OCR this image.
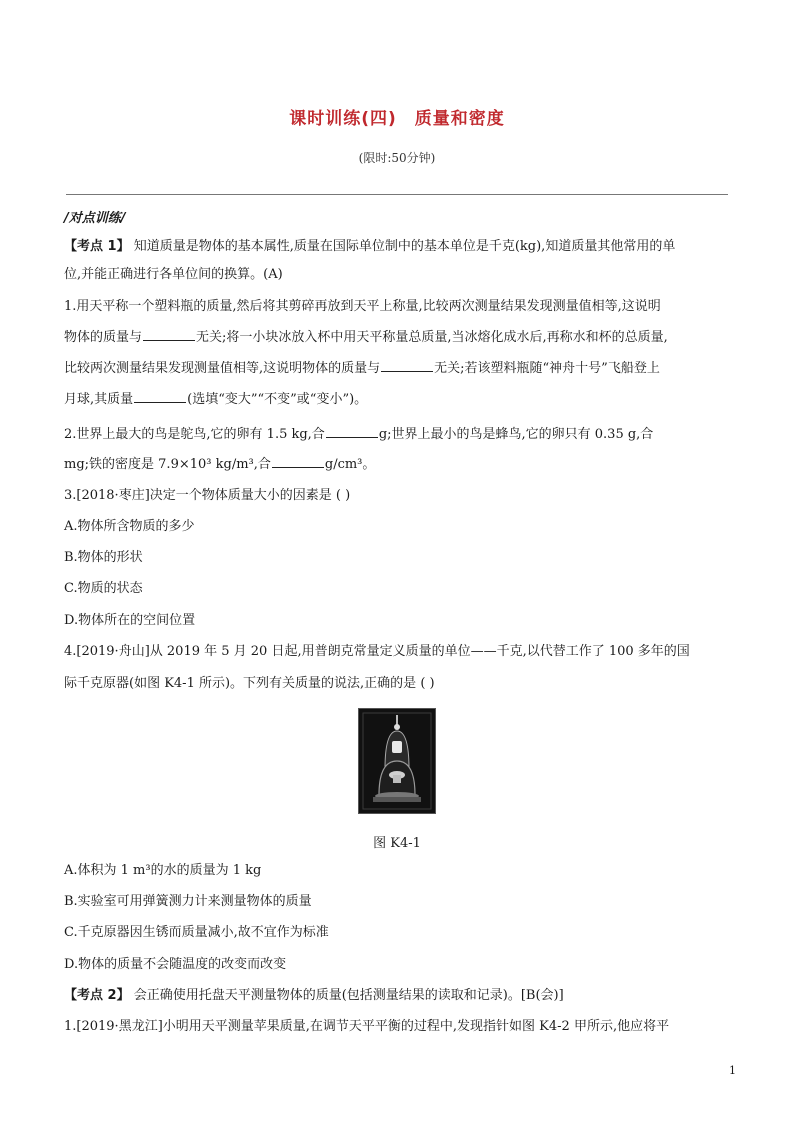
课时训练(四) 质量和密度
(限时:50分钟)
/对点训练/
【考点 1】 知道质量是物体的基本属性,质量在国际单位制中的基本单位是千克(kg),知道质量其他常用的单
位,并能正确进行各单位间的换算。(A)
1.用天平称一个塑料瓶的质量,然后将其剪碎再放到天平上称量,比较两次测量结果发现测量值相等,这说明
物体的质量与	无关;将一小块冰放入杯中用天平称量总质量,当冰熔化成水后,再称水和杯的总质量,
比较两次测量结果发现测量值相等,这说明物体的质量与	无关;若该塑料瓶随“神舟十号”飞船登上
月球,其质量	(选填“变大”“不变”或“变小”)。
2.世界上最大的鸟是鸵鸟,它的卵有 1.5 kg,合	g;世界上最小的鸟是蜂鸟,它的卵只有 0.35 g,合
mg;铁的密度是 7.9×10³ kg/m³,合	g/cm³。
3.[2018·枣庄]决定一个物体质量大小的因素是 ( )
A.物体所含物质的多少
B.物体的形状
C.物质的状态
D.物体所在的空间位置
4.[2019·舟山]从 2019 年 5 月 20 日起,用普朗克常量定义质量的单位——千克,以代替工作了 100 多年的国
际千克原器(如图 K4-1 所示)。下列有关质量的说法,正确的是 ( )
图 K4-1
A.体积为 1 m³的水的质量为 1 kg
B.实验室可用弹簧测力计来测量物体的质量
C.千克原器因生锈而质量减小,故不宜作为标准
D.物体的质量不会随温度的改变而改变
【考点 2】 会正确使用托盘天平测量物体的质量(包括测量结果的读取和记录)。[B(会)]
1.[2019·黑龙江]小明用天平测量苹果质量,在调节天平平衡的过程中,发现指针如图 K4-2 甲所示,他应将平
1
